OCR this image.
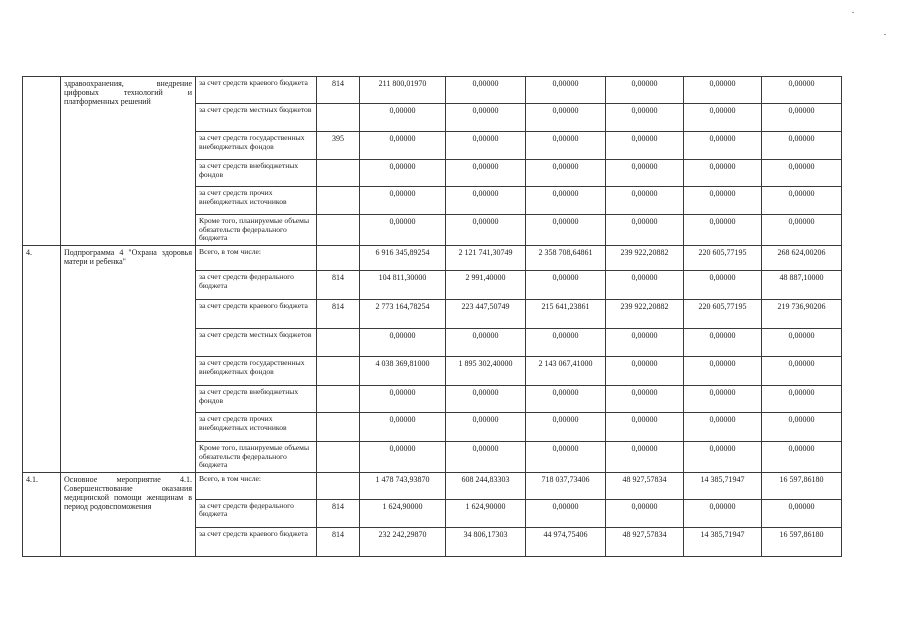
	здравоохранения, внедрение цифровых технологий и платформенных решений	за счет средств краевого бюджета	814	211 800,01970	0,00000	0,00000	0,00000	0,00000	0,00000
		за счет средств местных бюджетов		0,00000	0,00000	0,00000	0,00000	0,00000	0,00000
		за счет средств государственных внебюджетных фондов	395	0,00000	0,00000	0,00000	0,00000	0,00000	0,00000
		за счет средств внебюджетных фондов		0,00000	0,00000	0,00000	0,00000	0,00000	0,00000
		за счет средств прочих внебюджетных источников		0,00000	0,00000	0,00000	0,00000	0,00000	0,00000
		Кроме того, планируемые объемы обязательств федерального бюджета		0,00000	0,00000	0,00000	0,00000	0,00000	0,00000
4.	Подпрограмма 4 "Охрана здоровья матери и ребенка"	Всего, в том числе:		6 916 345,89254	2 121 741,30749	2 358 708,64861	239 922,20882	220 605,77195	268 624,00206
		за счет средств федерального бюджета	814	104 811,30000	2 991,40000	0,00000	0,00000	0,00000	48 887,10000
		за счет средств краевого бюджета	814	2 773 164,78254	223 447,50749	215 641,23861	239 922,20882	220 605,77195	219 736,90206
		за счет средств местных бюджетов		0,00000	0,00000	0,00000	0,00000	0,00000	0,00000
		за счет средств государственных внебюджетных фондов		4 038 369,81000	1 895 302,40000	2 143 067,41000	0,00000	0,00000	0,00000
		за счет средств внебюджетных фондов		0,00000	0,00000	0,00000	0,00000	0,00000	0,00000
		за счет средств прочих внебюджетных источников		0,00000	0,00000	0,00000	0,00000	0,00000	0,00000
		Кроме того, планируемые объемы обязательств федерального бюджета		0,00000	0,00000	0,00000	0,00000	0,00000	0,00000
4.1.	Основное мероприятие 4.1. Совершенствование оказания медицинской помощи женщинам в период родовспоможения	Всего, в том числе:		1 478 743,93870	608 244,83303	718 037,73406	48 927,57834	14 385,71947	16 597,86180
		за счет средств федерального бюджета	814	1 624,90000	1 624,90000	0,00000	0,00000	0,00000	0,00000
		за счет средств краевого бюджета	814	232 242,29870	34 806,17303	44 974,75406	48 927,57834	14 385,71947	16 597,86180
